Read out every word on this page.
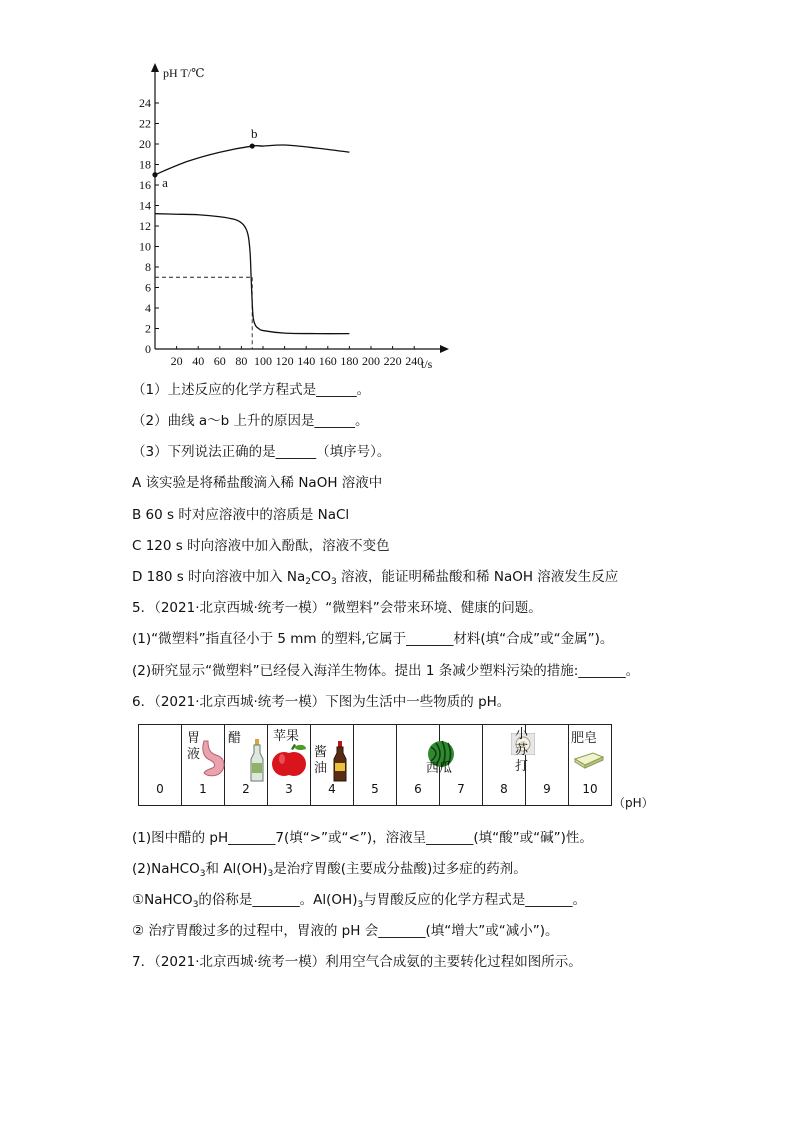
0
2
4
6
8
10
12
14
16
18
20
22
24
20 40 60 80 100 120 140 160 180 200 220 240
pH T/℃
t/s
a
b
（1）上述反应的化学方程式是______。
（2）曲线 a～b 上升的原因是______。
（3）下列说法正确的是______（填序号）。
A 该实验是将稀盐酸滴入稀 NaOH 溶液中
B 60 s 时对应溶液中的溶质是 NaCl
C 120 s 时向溶液中加入酚酞，溶液不变色
D 180 s 时向溶液中加入 $Na_2CO_3$ 溶液，能证明稀盐酸和稀 NaOH 溶液发生反应
5．（2021·北京西城·统考一模）“微塑料”会带来环境、健康的问题。
(1)“微塑料”指直径小于 5 mm 的塑料,它属于_______材料(填“合成”或“金属”)。
(2)研究显示“微塑料”已经侵入海洋生物体。提出 1 条减少塑料污染的措施:_______。
6．（2021·北京西城·统考一模）下图为生活中一些物质的 pH。
0

胃
液
1

醋
2

苹果
3

酱
油
4	5	6

西瓜
7	8

小
苏
打
9

肥皂
10
（pH）
(1)图中醋的 pH_______7(填“>”或“<”)，溶液呈_______(填“酸”或“碱”)性。
(2)NaHCO$_3$和 $Al(OH)_3$是治疗胃酸(主要成分盐酸)过多症的药剂。
①NaHCO$_3$的俗称是_______。$Al(OH)_3$与胃酸反应的化学方程式是_______。
② 治疗胃酸过多的过程中，胃液的 pH 会_______(填“增大”或“减小”)。
7．（2021·北京西城·统考一模）利用空气合成氨的主要转化过程如图所示。
